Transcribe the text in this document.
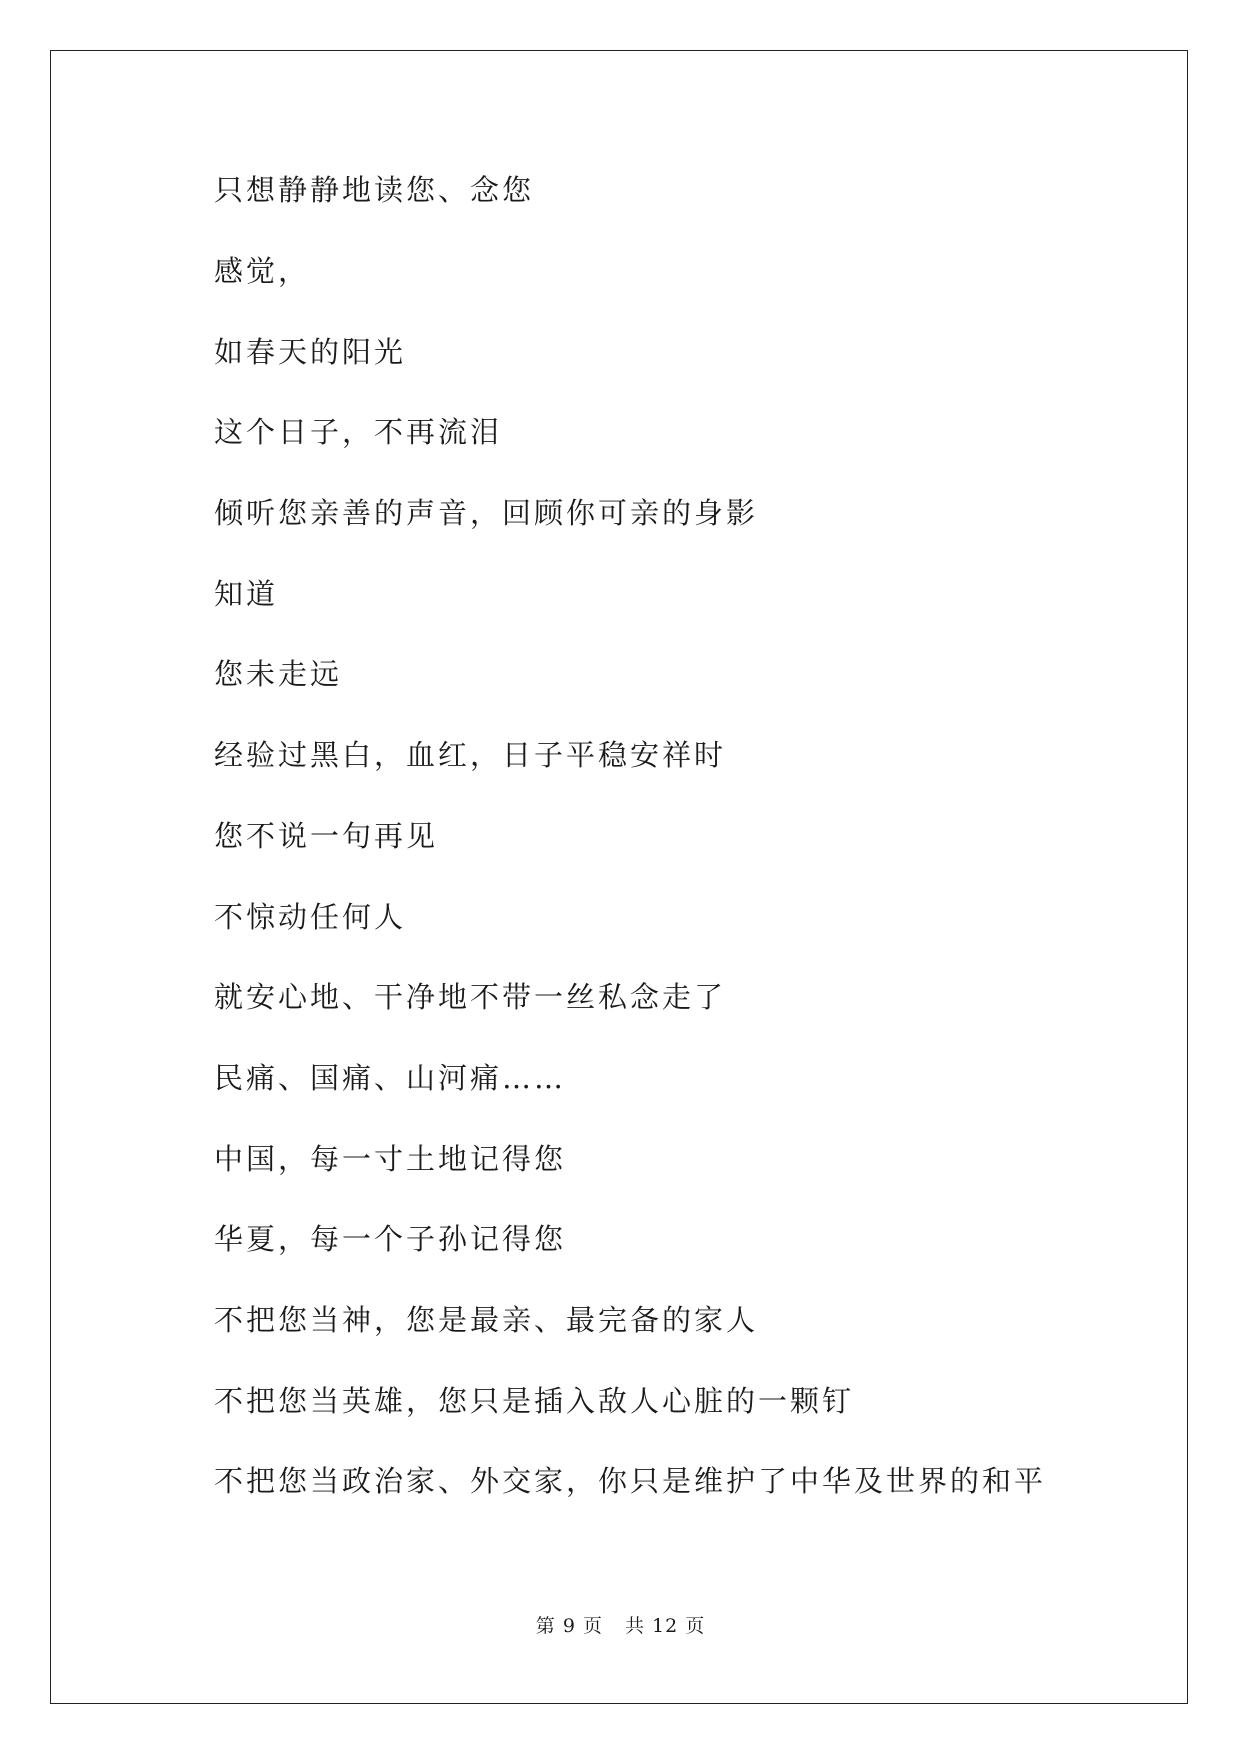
只想静静地读您、念您
感觉，
如春天的阳光
这个日子，不再流泪
倾听您亲善的声音，回顾你可亲的身影
知道
您未走远
经验过黑白，血红，日子平稳安祥时
您不说一句再见
不惊动任何人
就安心地、干净地不带一丝私念走了
民痛、国痛、山河痛……
中国，每一寸土地记得您
华夏，每一个子孙记得您
不把您当神，您是最亲、最完备的家人
不把您当英雄，您只是插入敌人心脏的一颗钉
不把您当政治家、外交家，你只是维护了中华及世界的和平
第 9 页 共 12 页
